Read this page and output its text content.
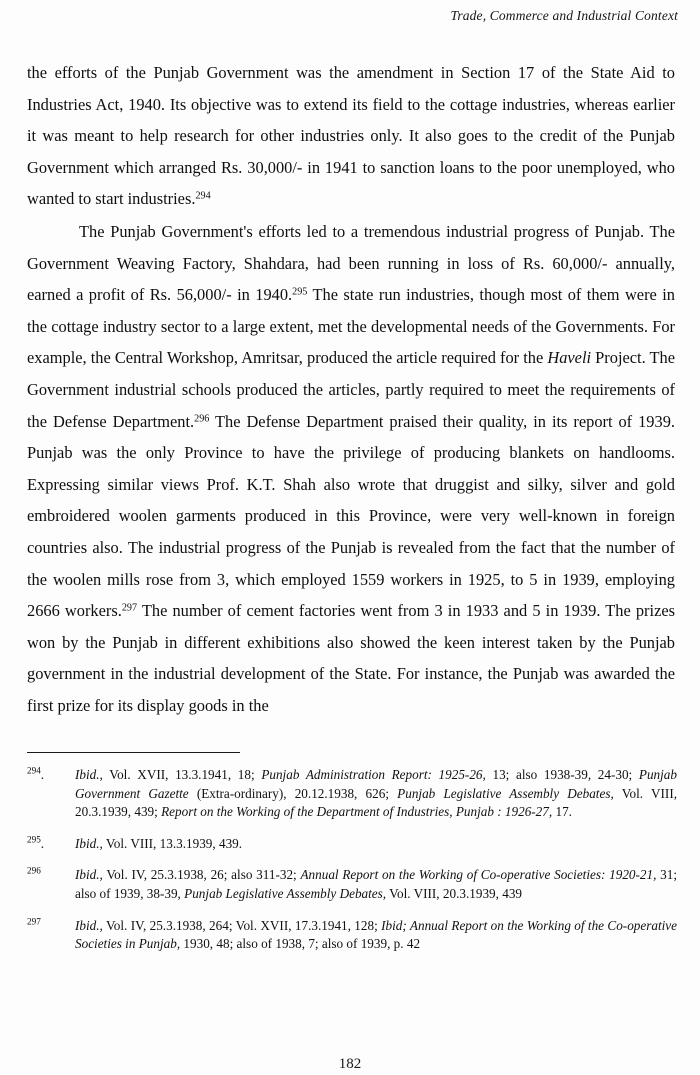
Trade, Commerce and Industrial Context

the efforts of the Punjab Government was the amendment in Section 17 of the State Aid to Industries Act, 1940. Its objective was to extend its field to the cottage industries, whereas earlier it was meant to help research for other industries only. It also goes to the credit of the Punjab Government which arranged Rs. 30,000/- in 1941 to sanction loans to the poor unemployed, who wanted to start industries.$^{294}$

The Punjab Government's efforts led to a tremendous industrial progress of Punjab. The Government Weaving Factory, Shahdara, had been running in loss of Rs. 60,000/- annually, earned a profit of Rs. 56,000/- in 1940.$^{295}$ The state run industries, though most of them were in the cottage industry sector to a large extent, met the developmental needs of the Governments. For example, the Central Workshop, Amritsar, produced the article required for the Haveli Project. The Government industrial schools produced the articles, partly required to meet the requirements of the Defense Department.$^{296}$ The Defense Department praised their quality, in its report of 1939. Punjab was the only Province to have the privilege of producing blankets on handlooms. Expressing similar views Prof. K.T. Shah also wrote that druggist and silky, silver and gold embroidered woolen garments produced in this Province, were very well-known in foreign countries also. The industrial progress of the Punjab is revealed from the fact that the number of the woolen mills rose from 3, which employed 1559 workers in 1925, to 5 in 1939, employing 2666 workers.$^{297}$ The number of cement factories went from 3 in 1933 and 5 in 1939. The prizes won by the Punjab in different exhibitions also showed the keen interest taken by the Punjab government in the industrial development of the State. For instance, the Punjab was awarded the first prize for its display goods in the

$^{294}$.	Ibid., Vol. XVII, 13.3.1941, 18; Punjab Administration Report: 1925-26, 13; also 1938-39, 24-30; Punjab Government Gazette (Extra-ordinary), 20.12.1938, 626; Punjab Legislative Assembly Debates, Vol. VIII, 20.3.1939, 439; Report on the Working of the Department of Industries, Punjab : 1926-27, 17.
$^{295}$.	Ibid., Vol. VIII, 13.3.1939, 439.
$^{296}$	Ibid., Vol. IV, 25.3.1938, 26; also 311-32; Annual Report on the Working of Co-operative Societies: 1920-21, 31; also of 1939, 38-39, Punjab Legislative Assembly Debates, Vol. VIII, 20.3.1939, 439
$^{297}$	Ibid., Vol. IV, 25.3.1938, 264; Vol. XVII, 17.3.1941, 128; Ibid; Annual Report on the Working of the Co-operative Societies in Punjab, 1930, 48; also of 1938, 7; also of 1939, p. 42
182
